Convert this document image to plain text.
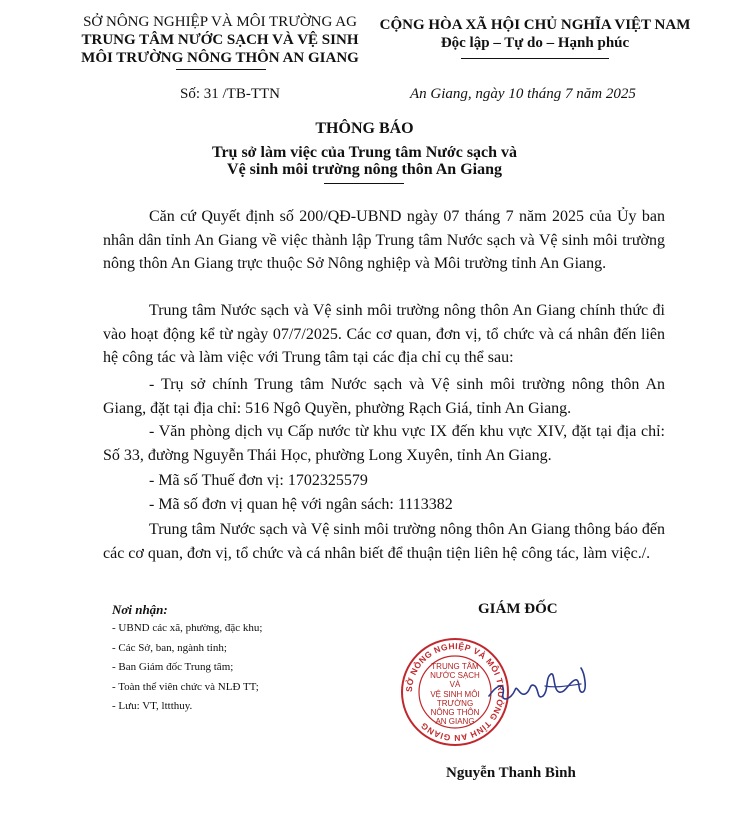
SỞ NÔNG NGHIỆP VÀ MÔI TRƯỜNG AG
TRUNG TÂM NƯỚC SẠCH VÀ VỆ SINH
MÔI TRƯỜNG NÔNG THÔN AN GIANG
CỘNG HÒA XÃ HỘI CHỦ NGHĨA VIỆT NAM
Độc lập – Tự do – Hạnh phúc
Số: 31 /TB-TTN	An Giang, ngày 10 tháng 7 năm 2025
THÔNG BÁO
Trụ sở làm việc của Trung tâm Nước sạch và
Vệ sinh môi trường nông thôn An Giang
Căn cứ Quyết định số 200/QĐ-UBND ngày 07 tháng 7 năm 2025 của Ủy ban nhân dân tỉnh An Giang về việc thành lập Trung tâm Nước sạch và Vệ sinh môi trường nông thôn An Giang trực thuộc Sở Nông nghiệp và Môi trường tỉnh An Giang.
Trung tâm Nước sạch và Vệ sinh môi trường nông thôn An Giang chính thức đi vào hoạt động kể từ ngày 07/7/2025. Các cơ quan, đơn vị, tổ chức và cá nhân đến liên hệ công tác và làm việc với Trung tâm tại các địa chỉ cụ thể sau:
- Trụ sở chính Trung tâm Nước sạch và Vệ sinh môi trường nông thôn An Giang, đặt tại địa chỉ: 516 Ngô Quyền, phường Rạch Giá, tỉnh An Giang.
- Văn phòng dịch vụ Cấp nước từ khu vực IX đến khu vực XIV, đặt tại địa chỉ: Số 33, đường Nguyễn Thái Học, phường Long Xuyên, tỉnh An Giang.
- Mã số Thuế đơn vị: 1702325579
- Mã số đơn vị quan hệ với ngân sách: 1113382
Trung tâm Nước sạch và Vệ sinh môi trường nông thôn An Giang thông báo đến các cơ quan, đơn vị, tổ chức và cá nhân biết để thuận tiện liên hệ công tác, làm việc./.
Nơi nhận:
- UBND các xã, phường, đặc khu;
- Các Sở, ban, ngành tỉnh;
- Ban Giám đốc Trung tâm;
- Toàn thể viên chức và NLĐ TT;
- Lưu: VT, lttthuy.
GIÁM ĐỐC
SỞ NÔNG NGHIỆP VÀ MÔI TRƯỜNG TỈNH AN GIANG
TRUNG TÂM
NƯỚC SẠCH
VÀ
VỆ SINH MÔI TRƯỜNG
NÔNG THÔN
AN GIANG
Nguyễn Thanh Bình
